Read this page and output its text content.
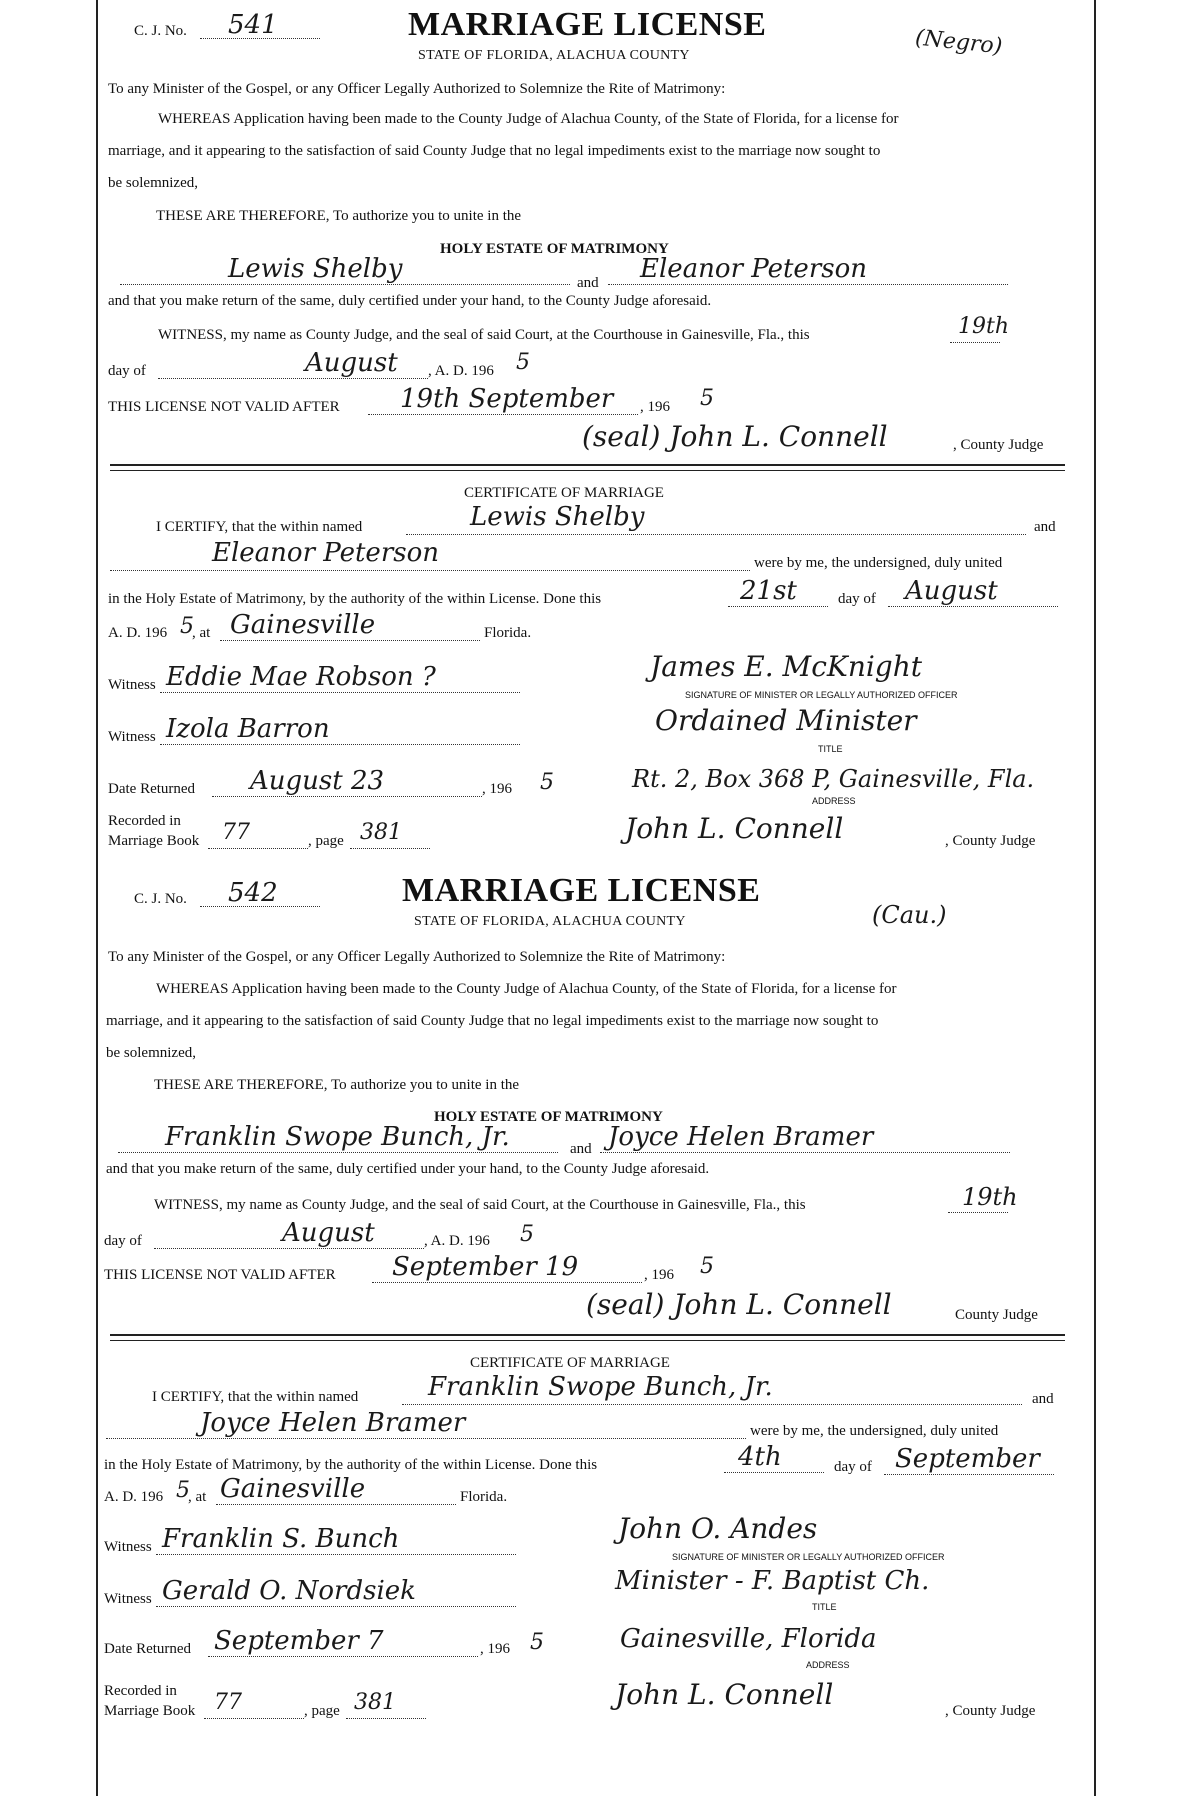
C. J. No. 541	MARRIAGE LICENSE
STATE OF FLORIDA, ALACHUA COUNTY	(Negro)
To any Minister of the Gospel, or any Officer Legally Authorized to Solemnize the Rite of Matrimony:
WHEREAS Application having been made to the County Judge of Alachua County, of the State of Florida, for a license for
marriage, and it appearing to the satisfaction of said County Judge that no legal impediments exist to the marriage now sought to
be solemnized,
THESE ARE THEREFORE, To authorize you to unite in the
HOLY ESTATE OF MATRIMONY
Lewis Shelby	and Eleanor Peterson
and that you make return of the same, duly certified under your hand, to the County Judge aforesaid.
WITNESS, my name as County Judge, and the seal of said Court, at the Courthouse in Gainesville, Fla., this	19th
day of	August , A. D. 196 5
THIS LICENSE NOT VALID AFTER 19th September , 196 5
(seal) John L. Connell	, County Judge
CERTIFICATE OF MARRIAGE
I CERTIFY, that the within named	Lewis Shelby	and
Eleanor Peterson	were by me, the undersigned, duly united
in the Holy Estate of Matrimony, by the authority of the within License. Done this	21st	day of August
A. D. 196 5
, at Gainesville	Florida.
Witness Eddie Mae Robson ?	James E. McKnight
SIGNATURE OF MINISTER OR LEGALLY AUTHORIZED OFFICER
Witness Izola Barron	Ordained Minister
TITLE
Date Returned August 23	, 196 5	Rt. 2, Box 368 P, Gainesville, Fla.
ADDRESS
Recorded in
Marriage Book 77	, page 381	John L. Connell	, County Judge
C. J. No. 542	MARRIAGE LICENSE
STATE OF FLORIDA, ALACHUA COUNTY	(Cau.)
To any Minister of the Gospel, or any Officer Legally Authorized to Solemnize the Rite of Matrimony:
WHEREAS Application having been made to the County Judge of Alachua County, of the State of Florida, for a license for
marriage, and it appearing to the satisfaction of said County Judge that no legal impediments exist to the marriage now sought to
be solemnized,
THESE ARE THEREFORE, To authorize you to unite in the
HOLY ESTATE OF MATRIMONY
Franklin Swope Bunch, Jr.	and Joyce Helen Bramer
and that you make return of the same, duly certified under your hand, to the County Judge aforesaid.
WITNESS, my name as County Judge, and the seal of said Court, at the Courthouse in Gainesville, Fla., this	19th
day of	August	, A. D. 196 5
THIS LICENSE NOT VALID AFTER September 19	, 196 5
(seal) John L. Connell	County Judge
CERTIFICATE OF MARRIAGE
I CERTIFY, that the within named	Franklin Swope Bunch, Jr.	and
Joyce Helen Bramer	were by me, the undersigned, duly united
in the Holy Estate of Matrimony, by the authority of the within License. Done this	4th	day of September
A. D. 196 5
, at Gainesville	Florida.
Witness Franklin S. Bunch	John O. Andes
SIGNATURE OF MINISTER OR LEGALLY AUTHORIZED OFFICER
Witness Gerald O. Nordsiek	Minister - F. Baptist Ch.
TITLE
Date Returned September 7	, 196 5	Gainesville, Florida
ADDRESS
Recorded in
Marriage Book 77	, page 381	John L. Connell	, County Judge
